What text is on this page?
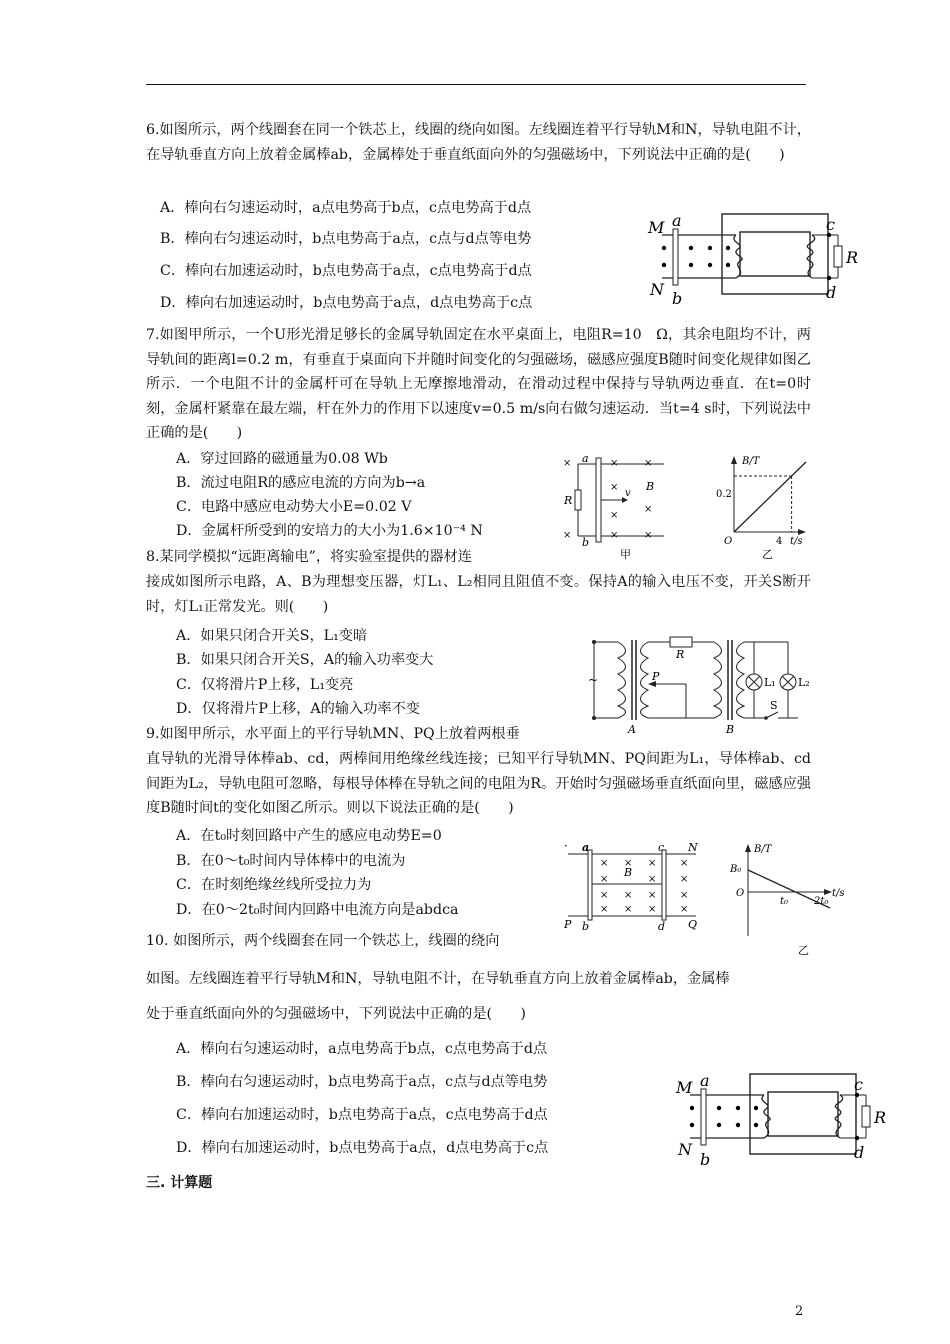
6.如图所示，两个线圈套在同一个铁芯上，线圈的绕向如图。左线圈连着平行导轨M和N，导轨电阻不计，在导轨垂直方向上放着金属棒ab，金属棒处于垂直纸面向外的匀强磁场中，下列说法中正确的是(　　)
A．棒向右匀速运动时，a点电势高于b点，c点电势高于d点
B．棒向右匀速运动时，b点电势高于a点，c点与d点等电势
C．棒向右加速运动时，b点电势高于a点，c点电势高于d点
D．棒向右加速运动时，b点电势高于a点，d点电势高于c点
M
N
a
b
c
d
R
7.如图甲所示，一个U形光滑足够长的金属导轨固定在水平桌面上，电阻R=10　Ω，其余电阻均不计，两导轨间的距离l=0.2 m，有垂直于桌面向下并随时间变化的匀强磁场，磁感应强度B随时间变化规律如图乙所示．一个电阻不计的金属杆可在导轨上无摩擦地滑动，在滑动过程中保持与导轨两边垂直．在t=0时刻，金属杆紧靠在最左端，杆在外力的作用下以速度v=0.5 m/s向右做匀速运动．当t=4 s时，下列说法中正确的是(　　)
A．穿过回路的磁通量为0.08 Wb
B．流过电阻R的感应电流的方向为b→a
C．电路中感应电动势大小E=0.02 V
D．金属杆所受到的安培力的大小为1.6×10⁻⁴ N
×
×
×	×
×	×
×
×
×
a
b
R
v
B
甲
B/T
0.2
4
O	t/s
乙
8.某同学模拟“远距离输电”，将实验室提供的器材连
接成如图所示电路，A、B为理想变压器，灯L₁、L₂相同且阻值不变。保持A的输入电压不变，开关S断开时，灯L₁正常发光。则(　　)
A．如果只闭合开关S，L₁变暗
B．如果只闭合开关S，A的输入功率变大
C．仅将滑片P上移，L₁变亮
D．仅将滑片P上移，A的输入功率不变
~
R
P
A	B
L₁ L₂
S
9.如图甲所示，水平面上的平行导轨MN、PQ上放着两根垂
直导轨的光滑导体棒ab、cd，两棒间用绝缘丝线连接；已知平行导轨MN、PQ间距为L₁，导体棒ab、cd间距为L₂，导轨电阻可忽略，每根导体棒在导轨之间的电阻为R。开始时匀强磁场垂直纸面向里，磁感应强度B随时间t的变化如图乙所示。则以下说法正确的是(　　)
A．在t₀时刻回路中产生的感应电动势E=0
B．在0～t₀时间内导体棒中的电流为
C．在时刻绝缘丝线所受拉力为
D．在0～2t₀时间内回路中电流方向是abdca
·
× × × ×
×	× ×
× × × ×
× × × ×
B
a	c N
P b	d Q
B/T
B₀
O
t₀	2t₀
t/s
乙
10. 如图所示，两个线圈套在同一个铁芯上，线圈的绕向
如图。左线圈连着平行导轨M和N，导轨电阻不计，在导轨垂直方向上放着金属棒ab，金属棒
处于垂直纸面向外的匀强磁场中，下列说法中正确的是(　　)
A．棒向右匀速运动时，a点电势高于b点，c点电势高于d点
B．棒向右匀速运动时，b点电势高于a点，c点与d点等电势
C．棒向右加速运动时，b点电势高于a点，c点电势高于d点
D．棒向右加速运动时，b点电势高于a点，d点电势高于c点
M
N
a
b
c
d
R
三. 计算题
2
